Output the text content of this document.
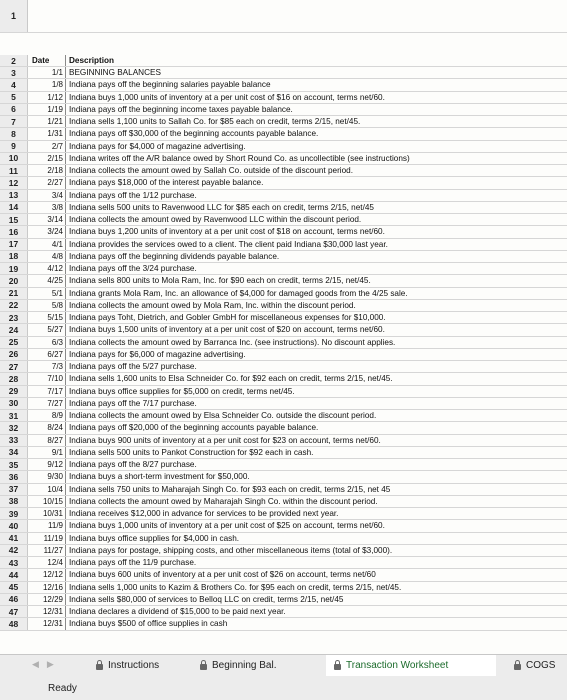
1
2	Date	Description
3	1/1 BEGINNING BALANCES
4	1/8 Indiana pays off the beginning salaries payable balance
5	1/12 Indiana buys 1,000 units of inventory at a per unit cost of $16 on account, terms net/60.
6	1/19 Indiana pays off the beginning income taxes payable balance.
7	1/21 Indiana sells 1,100 units to Sallah Co. for $85 each on credit, terms 2/15, net/45.
8	1/31 Indiana pays off $30,000 of the beginning accounts payable balance.
9	2/7 Indiana pays for $4,000 of magazine advertising.
10	2/15 Indiana writes off the A/R balance owed by Short Round Co. as uncollectible (see instructions)
11	2/18 Indiana collects the amount owed by Sallah Co. outside of the discount period.
12	2/27 Indiana pays $18,000 of the interest payable balance.
13	3/4 Indiana pays off the 1/12 purchase.
14	3/8 Indiana sells 500 units to Ravenwood LLC for $85 each on credit, terms 2/15, net/45
15	3/14 Indiana collects the amount owed by Ravenwood LLC within the discount period.
16	3/24 Indiana buys 1,200 units of inventory at a per unit cost of $18 on account, terms net/60.
17	4/1 Indiana provides the services owed to a client. The client paid Indiana $30,000 last year.
18	4/8 Indiana pays off the beginning dividends payable balance.
19	4/12 Indiana pays off the 3/24 purchase.
20	4/25 Indiana sells 800 units to Mola Ram, Inc. for $90 each on credit, terms 2/15, net/45.
21	5/1 Indiana grants Mola Ram, Inc. an allowance of $4,000 for damaged goods from the 4/25 sale.
22	5/8 Indiana collects the amount owed by Mola Ram, Inc. within the discount period.
23	5/15 Indiana pays Toht, Dietrich, and Gobler GmbH for miscellaneous expenses for $10,000.
24	5/27 Indiana buys 1,500 units of inventory at a per unit cost of $20 on account, terms net/60.
25	6/3 Indiana collects the amount owed by Barranca Inc. (see instructions). No discount applies.
26	6/27 Indiana pays for $6,000 of magazine advertising.
27	7/3 Indiana pays off the 5/27 purchase.
28	7/10 Indiana sells 1,600 units to Elsa Schneider Co. for $92 each on credit, terms 2/15, net/45.
29	7/17 Indiana buys office supplies for $5,000 on credit, terms net/45.
30	7/27 Indiana pays off the 7/17 purchase.
31	8/9 Indiana collects the amount owed by Elsa Schneider Co. outside the discount period.
32	8/24 Indiana pays off $20,000 of the beginning accounts payable balance.
33	8/27 Indiana buys 900 units of inventory at a per unit cost for $23 on account, terms net/60.
34	9/1 Indiana sells 500 units to Pankot Construction for $92 each in cash.
35	9/12 Indiana pays off the 8/27 purchase.
36	9/30 Indiana buys a short-term investment for $50,000.
37	10/4 Indiana sells 750 units to Maharajah Singh Co. for $93 each on credit, terms 2/15, net 45
38	10/15 Indiana collects the amount owed by Maharajah Singh Co. within the discount period.
39	10/31 Indiana receives $12,000 in advance for services to be provided next year.
40	11/9 Indiana buys 1,000 units of inventory at a per unit cost of $25 on account, terms net/60.
41	11/19 Indiana buys office supplies for $4,000 in cash.
42	11/27 Indiana pays for postage, shipping costs, and other miscellaneous items (total of $3,000).
43	12/4 Indiana pays off the 11/9 purchase.
44	12/12 Indiana buys 600 units of inventory at a per unit cost of $26 on account, terms net/60
45	12/16 Indiana sells 1,000 units to Kazim & Brothers Co. for $95 each on credit, terms 2/15, net/45.
46	12/29 Indiana sells $80,000 of services to Belloq LLC on credit, terms 2/15, net/45
47	12/31 Indiana declares a dividend of $15,000 to be paid next year.
48	12/31 Indiana buys $500 of office supplies in cash
◀▶	Instructions	Beginning Bal.	Transaction Worksheet	COGS
Ready
